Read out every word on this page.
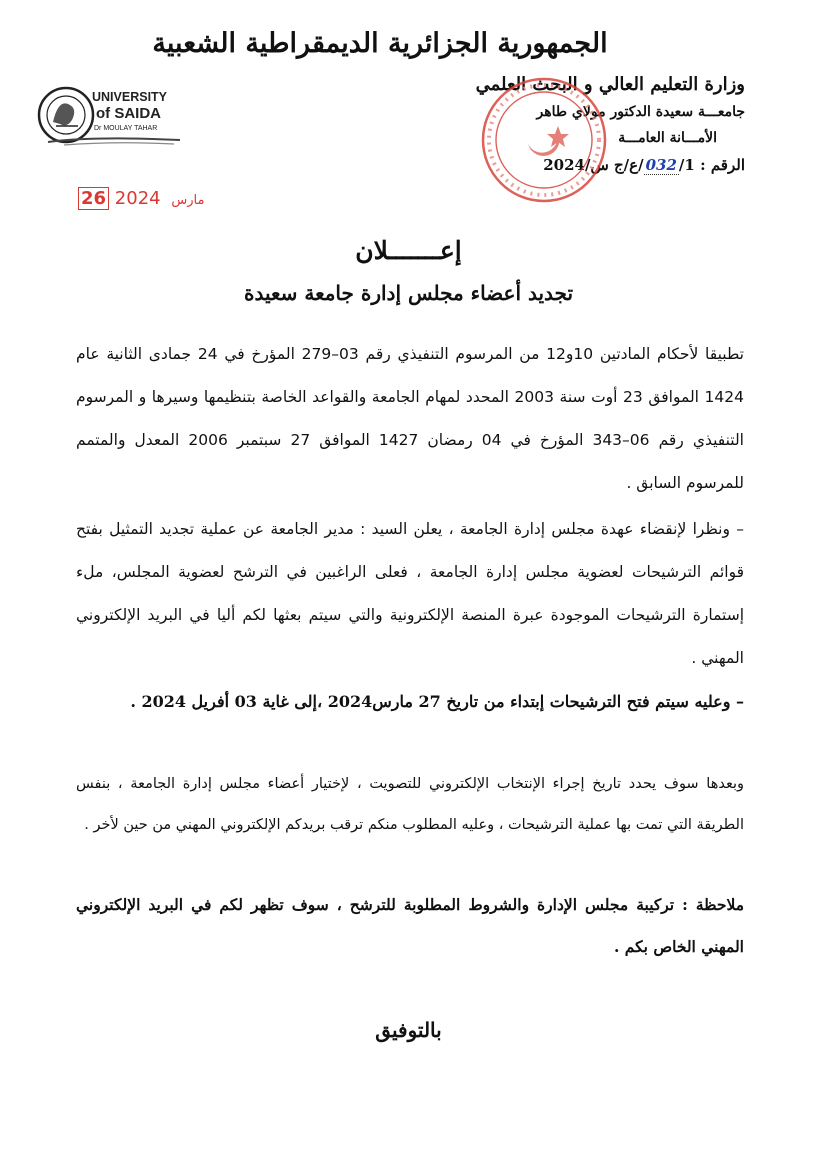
الجمهورية الجزائرية الديمقراطية الشعبية
وزارة التعليم العالي و البحث العلمي
جامعـــة سعيدة الدكتور مولاي طاهر
الأمـــانة العامـــة
الرقم : 032/1/ع/ج س/2024
UNIVERSITY
of SAIDA
Dr MOULAY TAHAR
26	مارس 2024
إعـــــــلان
تجديد أعضاء مجلس إدارة جامعة سعيدة
تطبيقا لأحكام المادتين 10و12 من المرسوم التنفيذي رقم 03–279 المؤرخ في 24 جمادى الثانية عام 1424 الموافق 23 أوت سنة 2003 المحدد لمهام الجامعة والقواعد الخاصة بتنظيمها وسيرها و المرسوم التنفيذي رقم 06–343 المؤرخ في 04 رمضان 1427 الموافق 27 سبتمبر 2006 المعدل والمتمم للمرسوم السابق .
– ونظرا لإنقضاء عهدة مجلس إدارة الجامعة ، يعلن السيد : مدير الجامعة عن عملية تجديد التمثيل بفتح قوائم الترشيحات لعضوية مجلس إدارة الجامعة ، فعلى الراغبين في الترشح لعضوية المجلس، ملء إستمارة الترشيحات الموجودة عبرة المنصة الإلكترونية والتي سيتم بعثها لكم أليا في البريد الإلكتروني المهني .
– وعليه سيتم فتح الترشيحات إبتداء من تاريخ 27 مارس2024 ،إلى غاية 03 أفريل 2024 .
وبعدها سوف يحدد تاريخ إجراء الإنتخاب الإلكتروني للتصويت ، لإختيار أعضاء مجلس إدارة الجامعة ، بنفس الطريقة التي تمت بها عملية الترشيحات ، وعليه المطلوب منكم ترقب بريدكم الإلكتروني المهني من حين لأخر .
ملاحظة : تركيبة مجلس الإدارة والشروط المطلوبة للترشح ، سوف تظهر لكم في البريد الإلكتروني المهني الخاص بكم .
بالتوفيق
